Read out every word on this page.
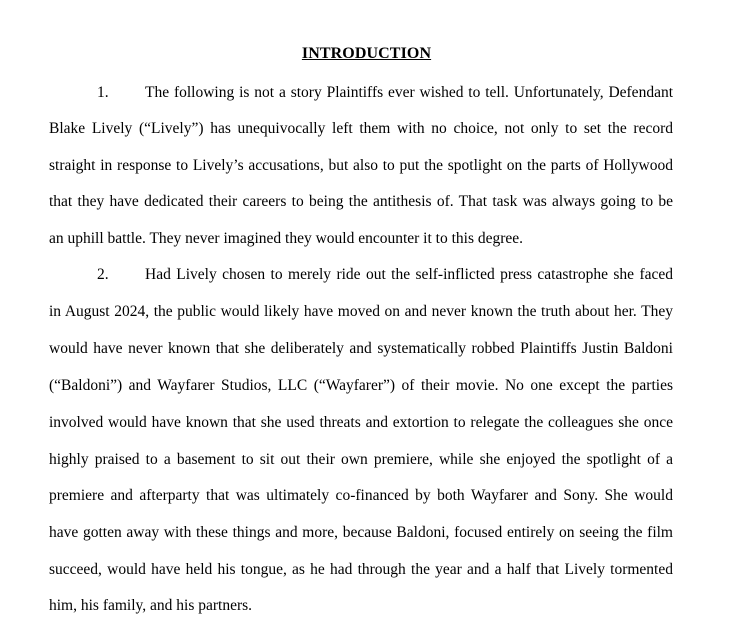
INTRODUCTION
1. The following is not a story Plaintiffs ever wished to tell. Unfortunately, Defendant
Blake Lively (“Lively”) has unequivocally left them with no choice, not only to set the record
straight in response to Lively’s accusations, but also to put the spotlight on the parts of Hollywood
that they have dedicated their careers to being the antithesis of. That task was always going to be
an uphill battle. They never imagined they would encounter it to this degree.
2. Had Lively chosen to merely ride out the self-inflicted press catastrophe she faced
in August 2024, the public would likely have moved on and never known the truth about her. They
would have never known that she deliberately and systematically robbed Plaintiffs Justin Baldoni
(“Baldoni”) and Wayfarer Studios, LLC (“Wayfarer”) of their movie. No one except the parties
involved would have known that she used threats and extortion to relegate the colleagues she once
highly praised to a basement to sit out their own premiere, while she enjoyed the spotlight of a
premiere and afterparty that was ultimately co-financed by both Wayfarer and Sony. She would
have gotten away with these things and more, because Baldoni, focused entirely on seeing the film
succeed, would have held his tongue, as he had through the year and a half that Lively tormented
him, his family, and his partners.
